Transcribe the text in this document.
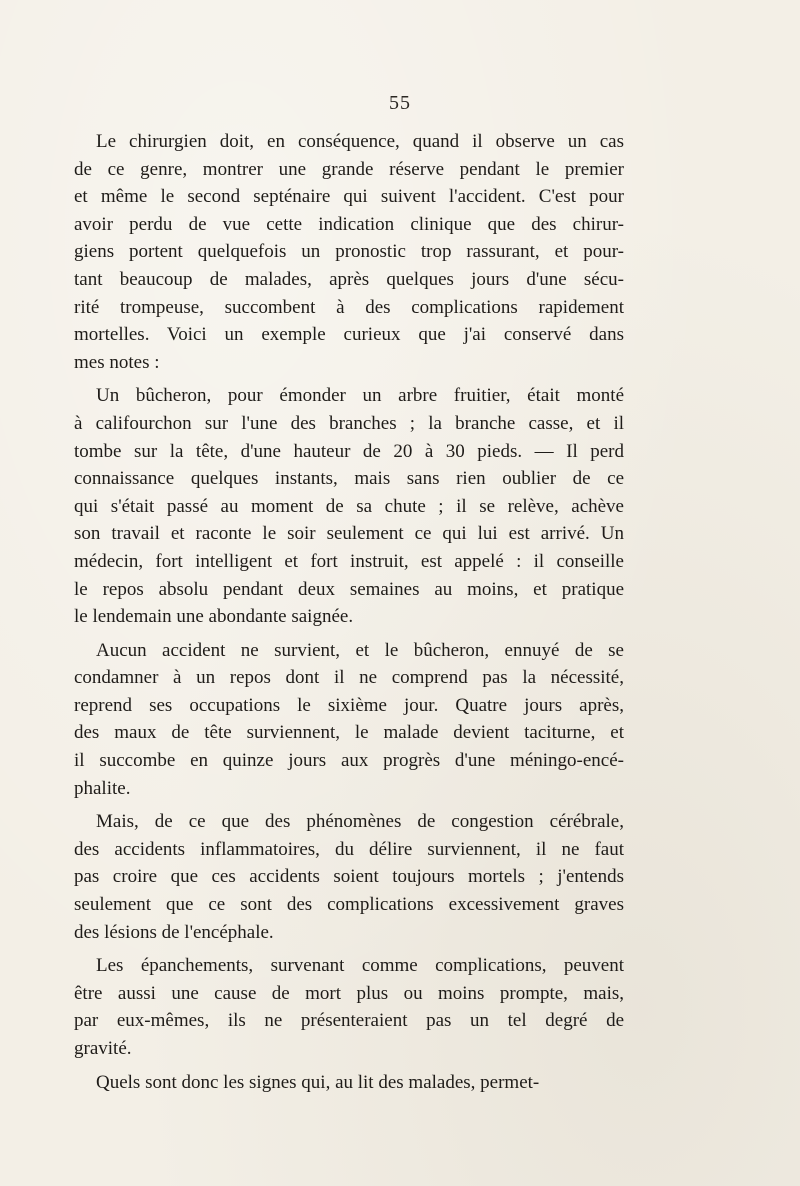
55
Le chirurgien doit, en conséquence, quand il observe un cas
de ce genre, montrer une grande réserve pendant le premier
et même le second septénaire qui suivent l'accident. C'est pour
avoir perdu de vue cette indication clinique que des chirur-
giens portent quelquefois un pronostic trop rassurant, et pour-
tant beaucoup de malades, après quelques jours d'une sécu-
rité trompeuse, succombent à des complications rapidement
mortelles. Voici un exemple curieux que j'ai conservé dans
mes notes :
Un bûcheron, pour émonder un arbre fruitier, était monté
à califourchon sur l'une des branches ; la branche casse, et il
tombe sur la tête, d'une hauteur de 20 à 30 pieds. — Il perd
connaissance quelques instants, mais sans rien oublier de ce
qui s'était passé au moment de sa chute ; il se relève, achève
son travail et raconte le soir seulement ce qui lui est arrivé. Un
médecin, fort intelligent et fort instruit, est appelé : il conseille
le repos absolu pendant deux semaines au moins, et pratique
le lendemain une abondante saignée.
Aucun accident ne survient, et le bûcheron, ennuyé de se
condamner à un repos dont il ne comprend pas la nécessité,
reprend ses occupations le sixième jour. Quatre jours après,
des maux de tête surviennent, le malade devient taciturne, et
il succombe en quinze jours aux progrès d'une méningo-encé-
phalite.
Mais, de ce que des phénomènes de congestion cérébrale,
des accidents inflammatoires, du délire surviennent, il ne faut
pas croire que ces accidents soient toujours mortels ; j'entends
seulement que ce sont des complications excessivement graves
des lésions de l'encéphale.
Les épanchements, survenant comme complications, peuvent
être aussi une cause de mort plus ou moins prompte, mais,
par eux-mêmes, ils ne présenteraient pas un tel degré de
gravité.
Quels sont donc les signes qui, au lit des malades, permet-
